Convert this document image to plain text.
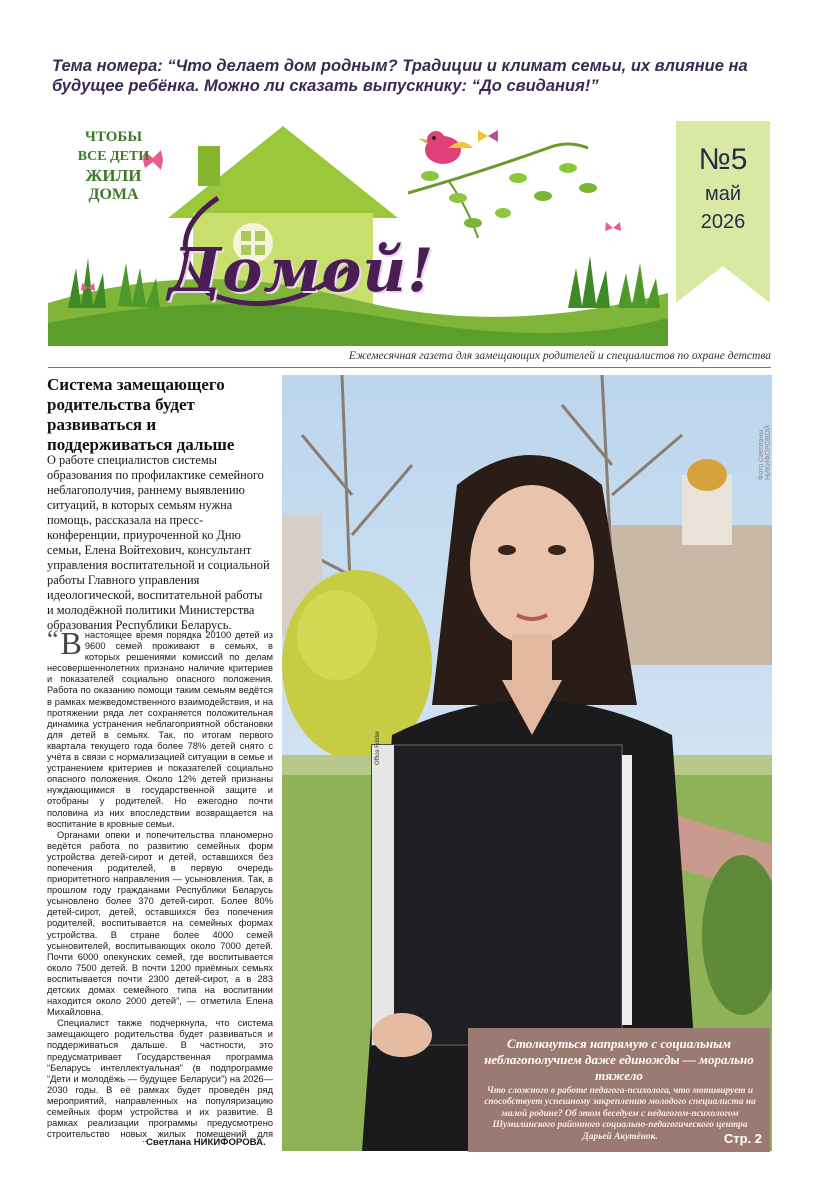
Тема номера: “Что делает дом родным? Традиции и климат семьи, их влияние на будущее ребёнка. Можно ли сказать выпускнику: “До свидания!”
ЧТОБЫ
ВСЕ ДЕТИ
ЖИЛИ
ДОМА
Домой!
№5
май
2026
Ежемесячная газета для замещающих родителей и специалистов по охране детства
Система замещающего родительства будет развиваться и поддерживаться дальше

О работе специалистов системы образования по профилактике семейного неблагополучия, раннему выявлению ситуаций, в которых семьям нужна помощь, рассказала на пресс-конференции, приуроченной ко Дню семьи, Елена Войтехович, консультант управления воспитательной и социальной работы Главного управления идеологической, воспитательной работы и молодёжной политики Министерства образования Республики Беларусь.

“ В настоящее время порядка 20100 детей из 9600 семей проживают в семьях, в которых решениями комиссий по делам несовершеннолетних признано наличие критериев и показателей социально опасного положения. Работа по оказанию помощи таким семьям ведётся в рамках межведомственного взаимодействия, и на протяжении ряда лет сохраняется положительная динамика устранения неблагоприятной обстановки для детей в семьях. Так, по итогам первого квартала текущего года более 78% детей снято с учёта в связи с нормализацией ситуации в семье и устранением критериев и показателей социально опасного положения. Около 12% детей признаны нуждающимися в государственной защите и отобраны у родителей. Но ежегодно почти половина из них впоследствии возвращается на воспитание в кровные семьи.

Органами опеки и попечительства планомерно ведётся работа по развитию семейных форм устройства детей-сирот и детей, оставшихся без попечения родителей, в первую очередь приоритетного направления — усыновления. Так, в прошлом году гражданами Республики Беларусь усыновлено более 370 детей-сирот. Более 80% детей-сирот, детей, оставшихся без попечения родителей, воспитывается на семейных формах устройства. В стране более 4000 семей усыновителей, воспитывающих около 7000 детей. Почти 6000 опекунских семей, где воспитывается около 7500 детей. В почти 1200 приёмных семьях воспитывается почти 2300 детей-сирот, а в 283 детских домах семейного типа на воспитании находится около 2000 детей”, — отметила Елена Михайловна.

Специалист также подчеркнула, что система замещающего родительства будет развиваться и поддерживаться дальше. В частности, это предусматривает Государственная программа “Беларусь интеллектуальная” (в подпрограмме “Дети и молодёжь — будущее Беларуси”) на 2026—2030 годы. В её рамках будет проведён ряд мероприятий, направленных на популяризацию семейных форм устройства и их развитие. В рамках реализации программы предусмотрено строительство новых жилых помещений для

Светлана НИКИФОРОВА.
Office Folder
Фото Светланы НИКИФОРОВОЙ
Столкнуться напрямую с социальным неблагополучием даже единожды — морально тяжело
Что сложного в работе педагога-психолога, что мотивирует и способствует успешному закреплению молодого специалиста на малой родине? Об этом беседуем с педагогом-психологом Шумилинского районного социально-педагогического центра Дарьей Акутёнок.	Стр. 2
